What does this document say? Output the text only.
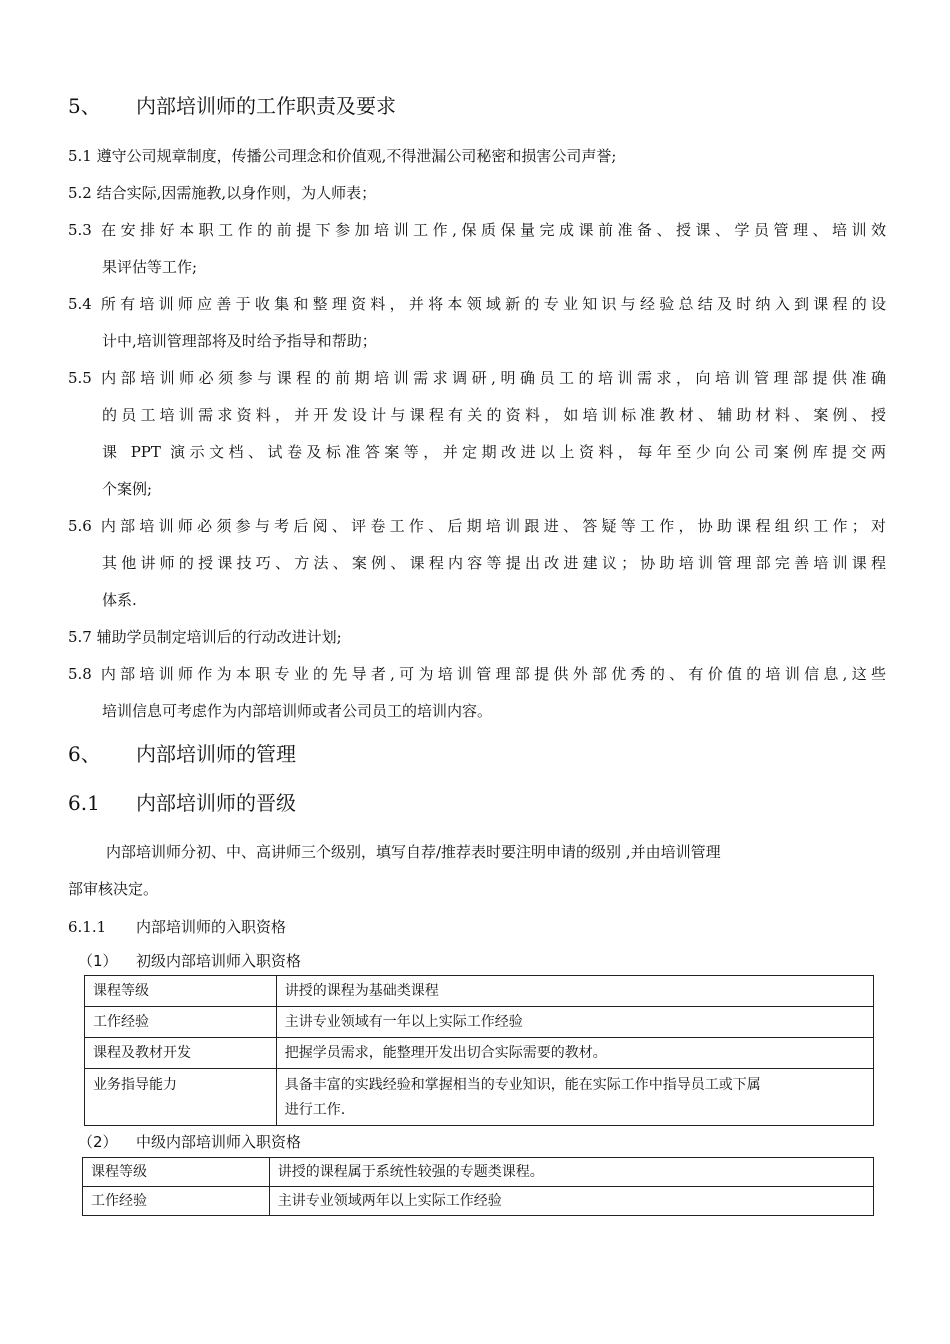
5、 内部培训师的工作职责及要求
5.1 遵守公司规章制度，传播公司理念和价值观,不得泄漏公司秘密和损害公司声誉;
5.2 结合实际,因需施教,以身作则，为人师表；
5.3 在安排好本职工作的前提下参加培训工作,保质保量完成课前准备、授课、学员管理、培训效
果评估等工作;
5.4 所有培训师应善于收集和整理资料，并将本领域新的专业知识与经验总结及时纳入到课程的设
计中,培训管理部将及时给予指导和帮助；
5.5 内部培训师必须参与课程的前期培训需求调研,明确员工的培训需求，向培训管理部提供准确
的员工培训需求资料，并开发设计与课程有关的资料，如培训标准教材、辅助材料、案例、授
课 PPT 演示文档、试卷及标准答案等，并定期改进以上资料，每年至少向公司案例库提交两
个案例;
5.6 内部培训师必须参与考后阅、评卷工作、后期培训跟进、答疑等工作，协助课程组织工作；对
其他讲师的授课技巧、方法、案例、课程内容等提出改进建议；协助培训管理部完善培训课程
体系.
5.7 辅助学员制定培训后的行动改进计划;
5.8 内部培训师作为本职专业的先导者,可为培训管理部提供外部优秀的、有价值的培训信息,这些
培训信息可考虑作为内部培训师或者公司员工的培训内容。
6、 内部培训师的管理
6.1 内部培训师的晋级
内部培训师分初、中、高讲师三个级别，填写自荐/推荐表时要注明申请的级别 ,并由培训管理
部审核决定。
6.1.1 内部培训师的入职资格
（1） 初级内部培训师入职资格
课程等级	讲授的课程为基础类课程
工作经验	主讲专业领域有一年以上实际工作经验
课程及教材开发	把握学员需求，能整理开发出切合实际需要的教材。
业务指导能力	具备丰富的实践经验和掌握相当的专业知识，能在实际工作中指导员工或下属
进行工作.
（2） 中级内部培训师入职资格
课程等级	讲授的课程属于系统性较强的专题类课程。
工作经验	主讲专业领域两年以上实际工作经验
